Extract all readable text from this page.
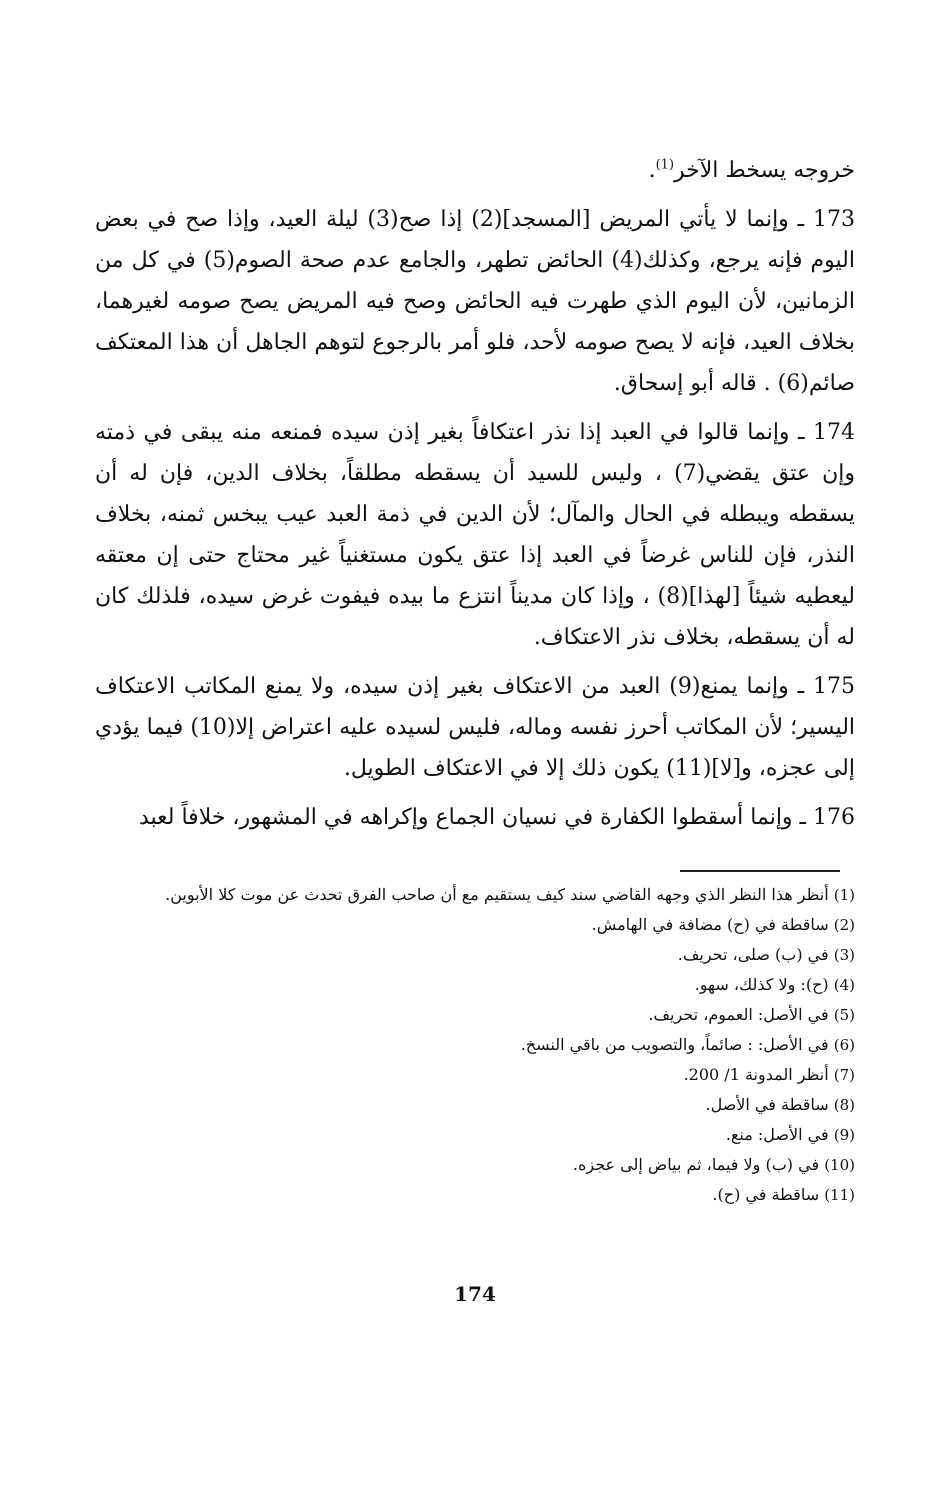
خروجه يسخط الآخر$^{(1)}$.

173 ـ وإنما لا يأتي المريض [المسجد](2) إذا صح(3) ليلة العيد، وإذا صح في بعض اليوم فإنه يرجع، وكذلك(4) الحائض تطهر، والجامع عدم صحة الصوم(5) في كل من الزمانين، لأن اليوم الذي طهرت فيه الحائض وصح فيه المريض يصح صومه لغيرهما، بخلاف العيد، فإنه لا يصح صومه لأحد، فلو أمر بالرجوع لتوهم الجاهل أن هذا المعتكف صائم(6) . قاله أبو إسحاق.

174 ـ وإنما قالوا في العبد إذا نذر اعتكافاً بغير إذن سيده فمنعه منه يبقى في ذمته وإن عتق يقضي(7) ، وليس للسيد أن يسقطه مطلقاً، بخلاف الدين، فإن له أن يسقطه ويبطله في الحال والمآل؛ لأن الدين في ذمة العبد عيب يبخس ثمنه، بخلاف النذر، فإن للناس غرضاً في العبد إذا عتق يكون مستغنياً غير محتاج حتى إن معتقه ليعطيه شيئاً [لهذا](8) ، وإذا كان مديناً انتزع ما بيده فيفوت غرض سيده، فلذلك كان له أن يسقطه، بخلاف نذر الاعتكاف.

175 ـ وإنما يمنع(9) العبد من الاعتكاف بغير إذن سيده، ولا يمنع المكاتب الاعتكاف اليسير؛ لأن المكاتب أحرز نفسه وماله، فليس لسيده عليه اعتراض إلا(10) فيما يؤدي إلى عجزه، و[لا](11) يكون ذلك إلا في الاعتكاف الطويل.

176 ـ وإنما أسقطوا الكفارة في نسيان الجماع وإكراهه في المشهور، خلافاً لعبد

(1) أنظر هذا النظر الذي وجهه القاضي سند كيف يستقيم مع أن صاحب الفرق تحدث عن موت كلا الأبوين.

(2) ساقطة في (ح) مضافة في الهامش.

(3) في (ب) صلى، تحريف.

(4) (ح): ولا كذلك، سهو.

(5) في الأصل: العموم، تحريف.

(6) في الأصل: : صائماً، والتصويب من باقي النسخ.

(7) أنظر المدونة 1/ 200.

(8) ساقطة في الأصل.

(9) في الأصل: منع.

(10) في (ب) ولا فيما، ثم بياض إلى عجزه.

(11) ساقطة في (ح).

174
